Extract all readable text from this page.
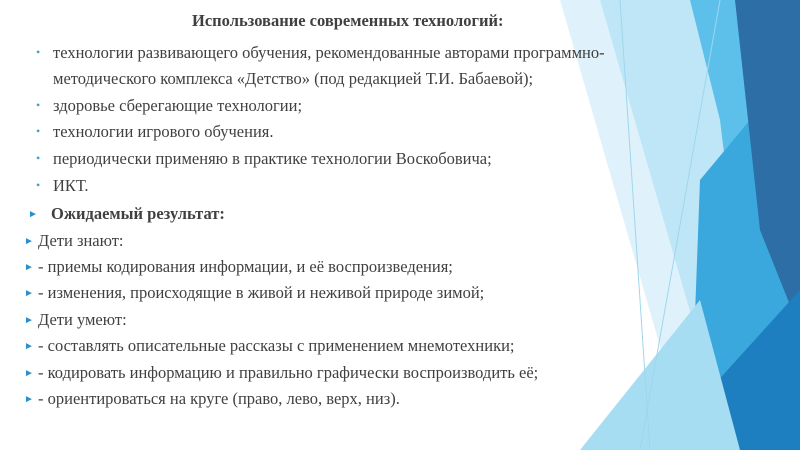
Использование современных технологий:
• технологии развивающего обучения, рекомендованные авторами программно-
методического комплекса «Детство» (под редакцией Т.И. Бабаевой);
• здоровье сберегающие технологии;
• технологии игрового обучения.
• периодически применяю в практике технологии Воскобовича;
• ИКТ.
► Ожидаемый результат:
► Дети знают:
► - приемы кодирования информации, и её воспроизведения;
► - изменения, происходящие в живой и неживой природе зимой;
► Дети умеют:
► - составлять описательные рассказы с применением мнемотехники;
► - кодировать информацию и правильно графически воспроизводить её;
► - ориентироваться на круге (право, лево, верх, низ).
